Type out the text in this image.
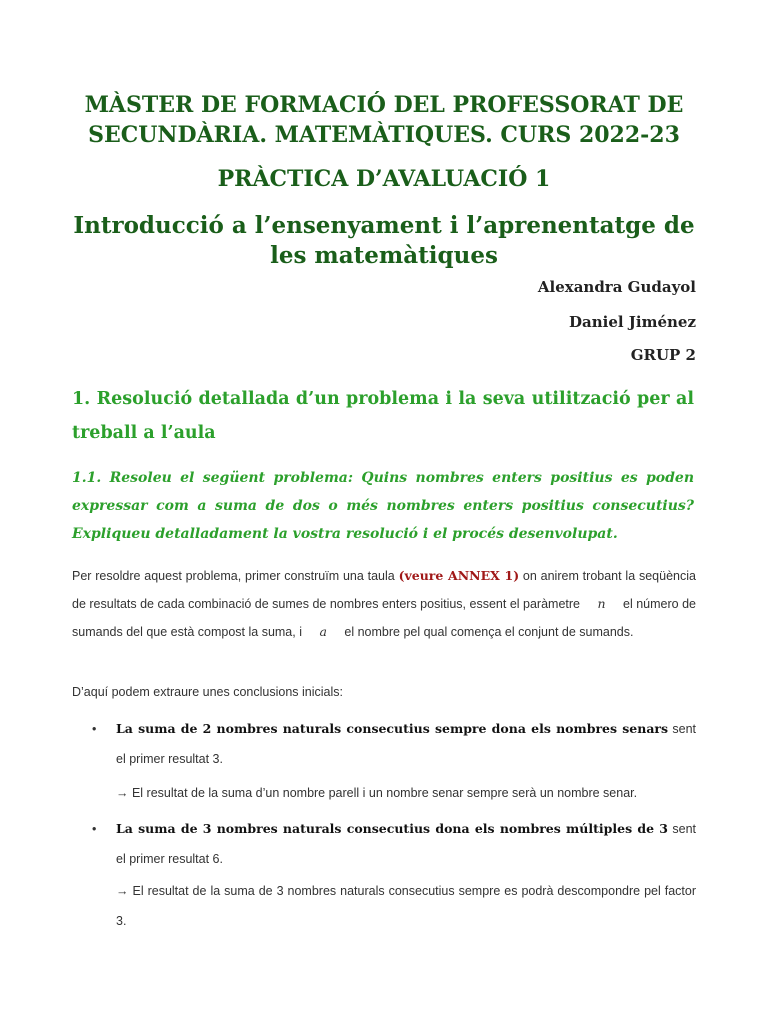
MÀSTER DE FORMACIÓ DEL PROFESSORAT DE
SECUNDÀRIA. MATEMÀTIQUES. CURS 2022-23
PRÀCTICA D’AVALUACIÓ 1
Introducció a l’ensenyament i l’aprenentatge de les matemàtiques

Alexandra Gudayol

Daniel Jiménez

GRUP 2

1. Resolució detallada d’un problema i la seva utilització per al treball a l’aula

1.1. Resoleu el següent problema: Quins nombres enters positius es poden expressar com a suma de dos o més nombres enters positius consecutius? Expliqueu detalladament la vostra resolució i el procés desenvolupat.

Per resoldre aquest problema, primer construïm una taula (veure ANNEX 1) on anirem trobant la seqüència de resultats de cada combinació de sumes de nombres enters positius, essent el paràmetre n el número de sumands del que està compost la suma, i a el nombre pel qual comença el conjunt de sumands.

D’aquí podem extraure unes conclusions inicials:

• La suma de 2 nombres naturals consecutius sempre dona els nombres senars sent el primer resultat 3.

→ El resultat de la suma d’un nombre parell i un nombre senar sempre serà un nombre senar.

• La suma de 3 nombres naturals consecutius dona els nombres múltiples de 3 sent el primer resultat 6.

→ El resultat de la suma de 3 nombres naturals consecutius sempre es podrà descompondre pel factor 3.
